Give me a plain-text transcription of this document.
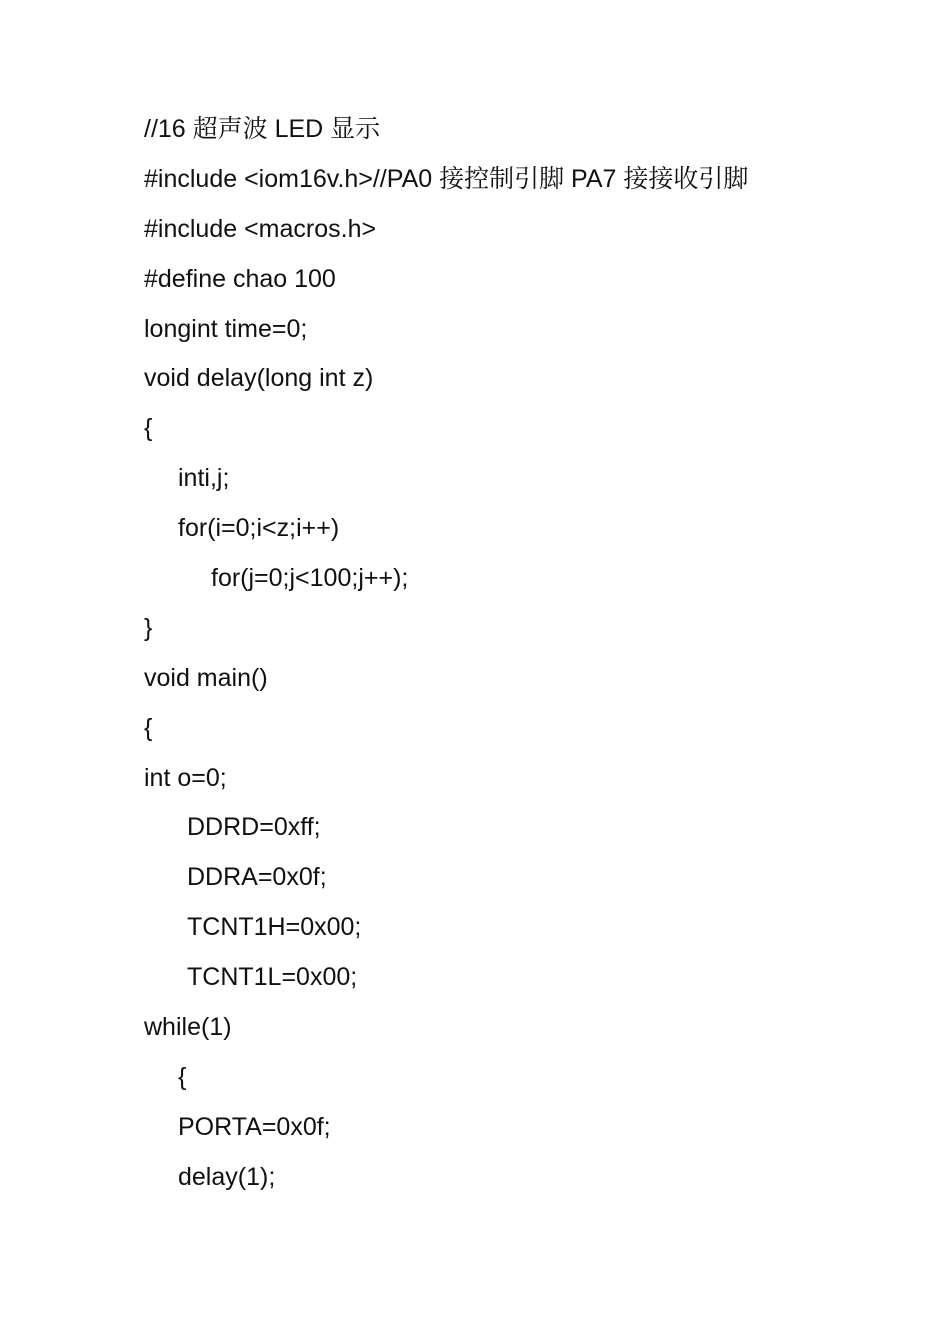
//16 超声波 LED 显示
#include <iom16v.h>//PA0 接控制引脚 PA7 接接收引脚
#include <macros.h>
#define chao 100
longint time=0;
void delay(long int z)
{
inti,j;
for(i=0;i<z;i++)
for(j=0;j<100;j++);
}
void main()
{
int o=0;
DDRD=0xff;
DDRA=0x0f;
TCNT1H=0x00;
TCNT1L=0x00;
while(1)
{
PORTA=0x0f;
delay(1);
